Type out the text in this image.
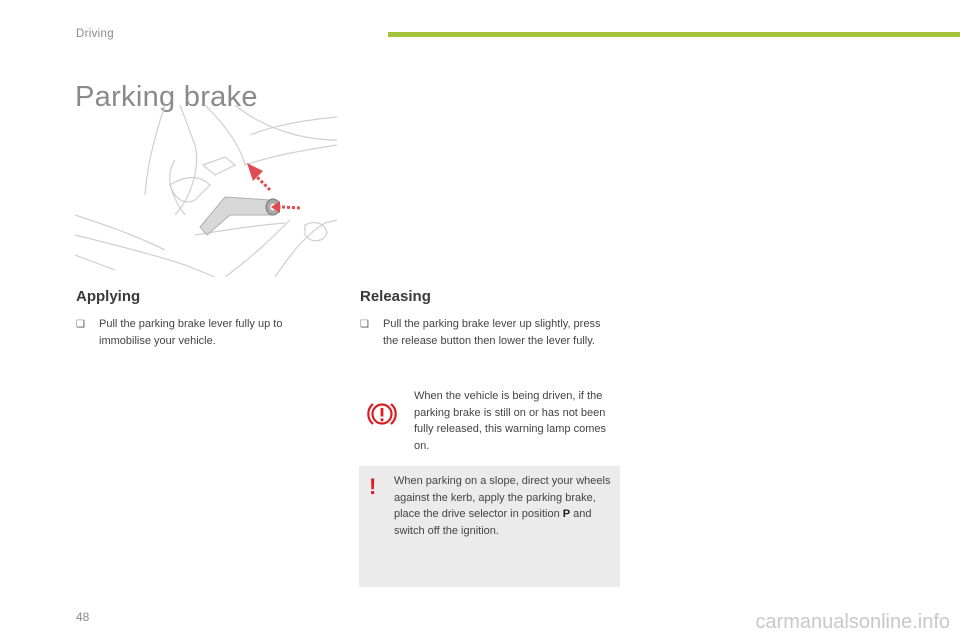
Driving
Parking brake
Applying
❑	Pull the parking brake lever fully up to immobilise your vehicle.
Releasing
❑	Pull the parking brake lever up slightly, press the release button then lower the lever fully.
When the vehicle is being driven, if the parking brake is still on or has not been fully released, this warning lamp comes on.
! When parking on a slope, direct your wheels against the kerb, apply the parking brake, place the drive selector in position P and switch off the ignition.
48	carmanualsonline.info
